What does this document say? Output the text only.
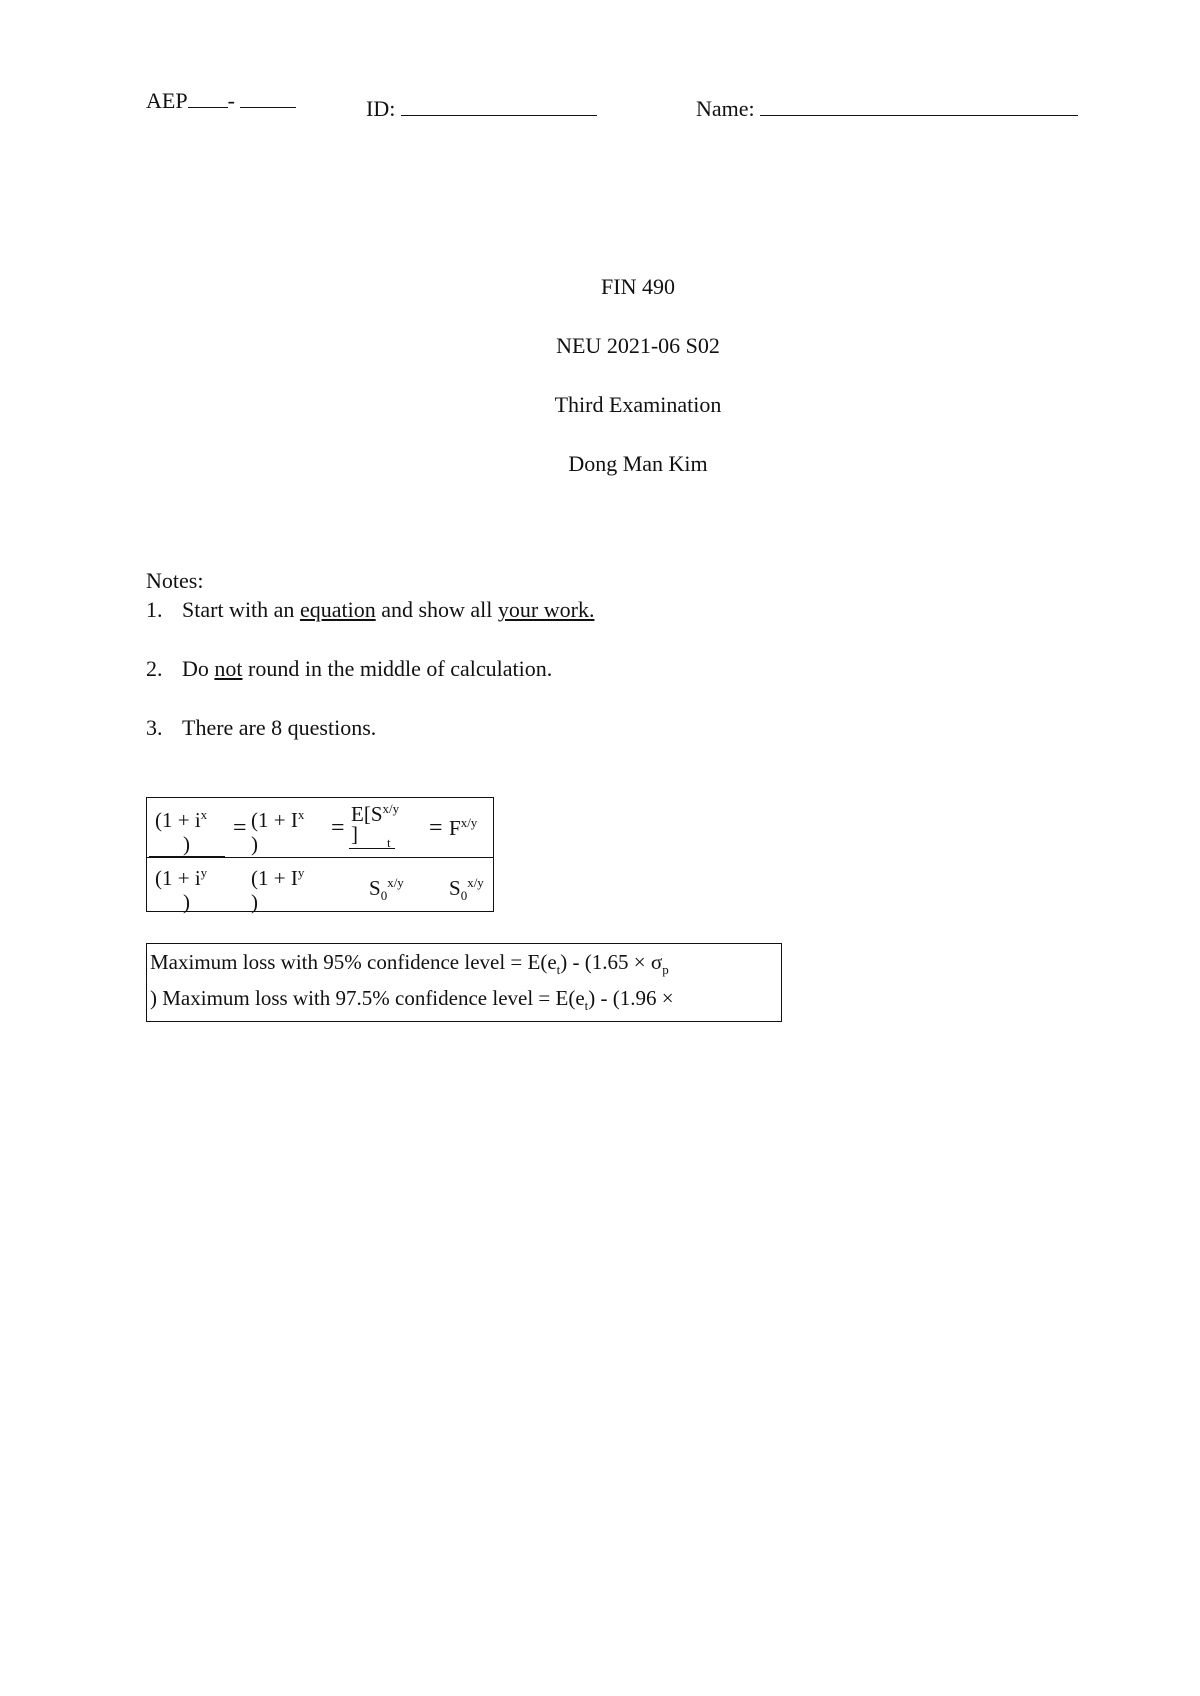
AEP -	ID:	Name:
FIN 490
NEU 2021-06 S02
Third Examination
Dong Man Kim
Notes:
1. Start with an equation and show all your work.
2. Do not round in the middle of calculation.
3. There are 8 questions.
($1 + i^x$
)
($1 + i^y$
)
= ($1 + I^x$
)
($1 + I^y$
)
=
$E[S^{x/y}$
] t
$S_0^{x/y}$
= $F^{x/y}$
$S_0^{x/y}$
Maximum loss with 95% confidence level = $E(e_t) - (1.65 \times \sigma_p$
) Maximum loss with 97.5% confidence level = $E(e_t) - (1.96$ ×
